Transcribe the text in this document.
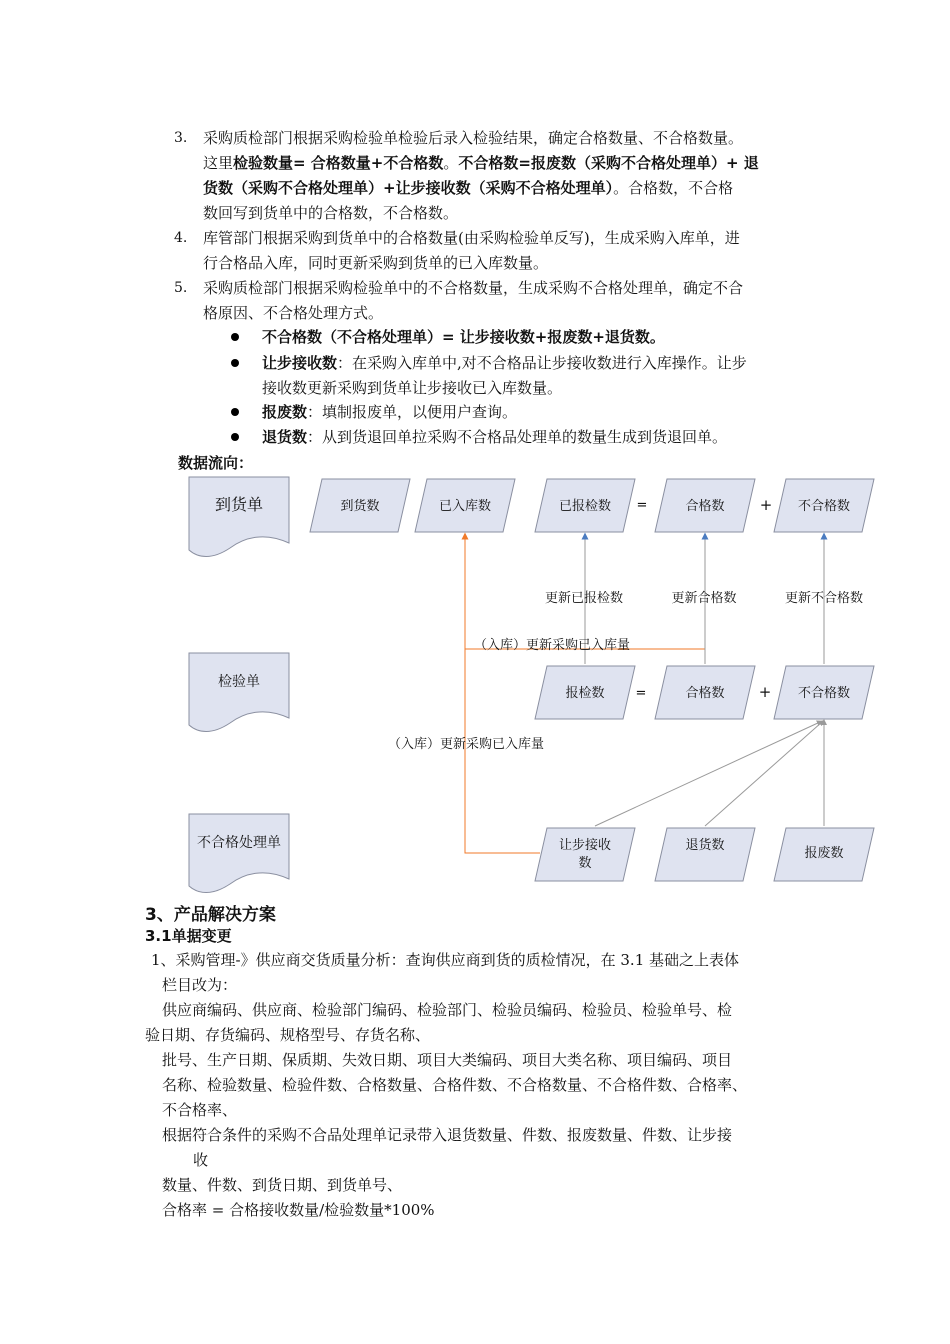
3. 采购质检部门根据采购检验单检验后录入检验结果，确定合格数量、不合格数量。
这里检验数量= 合格数量+不合格数。不合格数=报废数（采购不合格处理单）+ 退
货数（采购不合格处理单）+让步接收数（采购不合格处理单）。合格数，不合格
数回写到货单中的合格数，不合格数。
4. 库管部门根据采购到货单中的合格数量(由采购检验单反写)，生成采购入库单，进
行合格品入库，同时更新采购到货单的已入库数量。
5. 采购质检部门根据采购检验单中的不合格数量，生成采购不合格处理单，确定不合
格原因、不合格处理方式。
不合格数（不合格处理单）= 让步接收数+报废数+退货数。
让步接收数：在采购入库单中,对不合格品让步接收数进行入库操作。让步
接收数更新采购到货单让步接收已入库数量。
报废数：填制报废单，以便用户查询。
退货数：从到货退回单拉采购不合格品处理单的数量生成到货退回单。
数据流向：
到货单
检验单
不合格处理单
到货数	已入库数	已报检数 =	合格数 + 不合格数
更新已报检数	更新合格数	更新不合格数
（入库）更新采购已入库量
（入库）更新采购已入库量
报检数 =	合格数 + 不合格数
让步接收
数
退货数
报废数
3、产品解决方案
3.1单据变更
1、采购管理-》供应商交货质量分析：查询供应商到货的质检情况，在 3.1 基础之上表体
栏目改为：
供应商编码、供应商、检验部门编码、检验部门、检验员编码、检验员、检验单号、检
验日期、存货编码、规格型号、存货名称、
批号、生产日期、保质期、失效日期、项目大类编码、项目大类名称、项目编码、项目
名称、检验数量、检验件数、合格数量、合格件数、不合格数量、不合格件数、合格率、
不合格率、
根据符合条件的采购不合品处理单记录带入退货数量、件数、报废数量、件数、让步接
收
数量、件数、到货日期、到货单号、
合格率 = 合格接收数量/检验数量*100%
